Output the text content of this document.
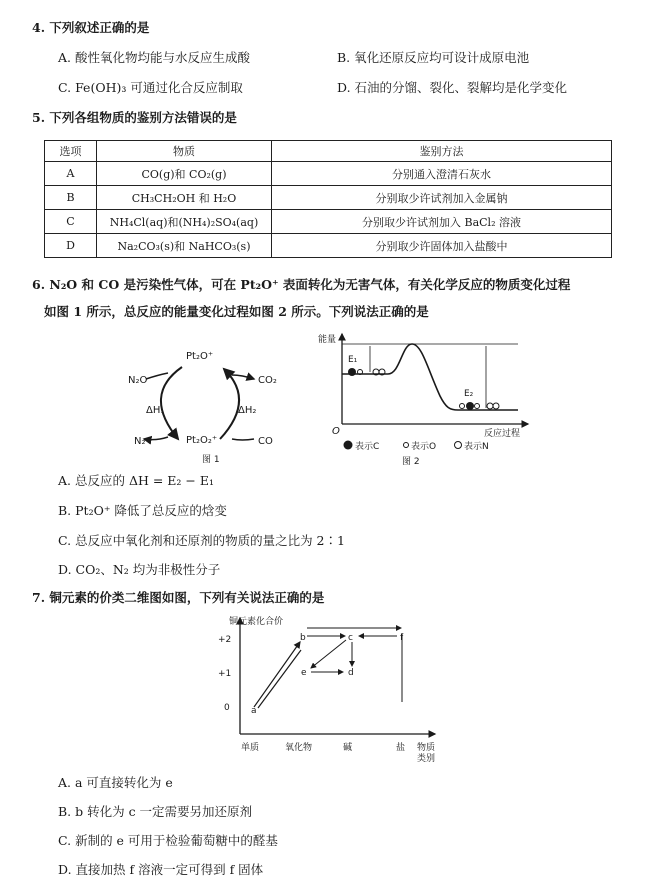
4. 下列叙述正确的是
A. 酸性氧化物均能与水反应生成酸	B. 氧化还原反应均可设计成原电池
C. Fe(OH)₃ 可通过化合反应制取	D. 石油的分馏、裂化、裂解均是化学变化
5. 下列各组物质的鉴别方法错误的是
选项	物质	鉴别方法
A	CO(g)和 CO₂(g)	分别通入澄清石灰水
B	CH₃CH₂OH 和 H₂O	分别取少许试剂加入金属钠
C	NH₄Cl(aq)和(NH₄)₂SO₄(aq)	分别取少许试剂加入 BaCl₂ 溶液
D	Na₂CO₃(s)和 NaHCO₃(s)	分别取少许固体加入盐酸中
6. N₂O 和 CO 是污染性气体，可在 Pt₂O⁺ 表面转化为无害气体，有关化学反应的物质变化过程
如图 1 所示，总反应的能量变化过程如图 2 所示。下列说法正确的是
N₂O
Pt₂O⁺
CO₂
ΔH₁	ΔH₂
N₂	Pt₂O₂⁺	CO
图 1
能量
O	反应过程
E₁
E₂
表示C	表示O	表示N
图 2
A. 总反应的 ΔH = E₂ − E₁
B. Pt₂O⁺ 降低了总反应的焓变
C. 总反应中氧化剂和还原剂的物质的量之比为 2∶1
D. CO₂、N₂ 均为非极性分子
7. 铜元素的价类二维图如图，下列有关说法正确的是
铜元素化合价
+2
+1
0
单质	氧化物	碱	盐 物质
类别
a
b	c
d
e
f
A. a 可直接转化为 e
B. b 转化为 c 一定需要另加还原剂
C. 新制的 e 可用于检验葡萄糖中的醛基
D. 直接加热 f 溶液一定可得到 f 固体
